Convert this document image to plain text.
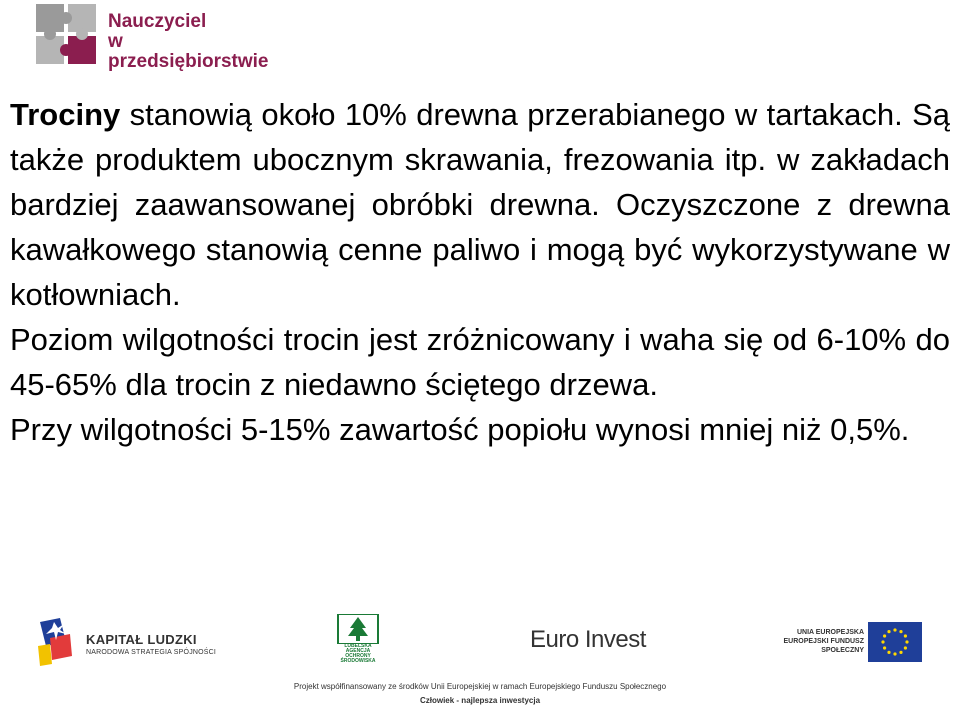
Nauczyciel
w przedsiębiorstwie

Trociny stanowią około 10% drewna przerabianego w tartakach. Są także produktem ubocznym skrawania, frezowania itp. w zakładach bardziej zaawansowanej obróbki drewna. Oczyszczone z drewna kawałkowego stanowią cenne paliwo i mogą być wykorzystywane w kotłowniach.

Poziom wilgotności trocin jest zróżnicowany i waha się od 6-10% do 45-65% dla trocin z niedawno ściętego drzewa.

Przy wilgotności 5-15% zawartość popiołu wynosi mniej niż 0,5%.

KAPITAŁ LUDZKI
NARODOWA STRATEGIA SPÓJNOŚCI
LUBELSKA AGENCJA OCHRONY ŚRODOWISKA
Euro Invest	UNIA EUROPEJSKA EUROPEJSKI FUNDUSZ SPOŁECZNY
Projekt współfinansowany ze środków Unii Europejskiej w ramach Europejskiego Funduszu Społecznego
Człowiek - najlepsza inwestycja
